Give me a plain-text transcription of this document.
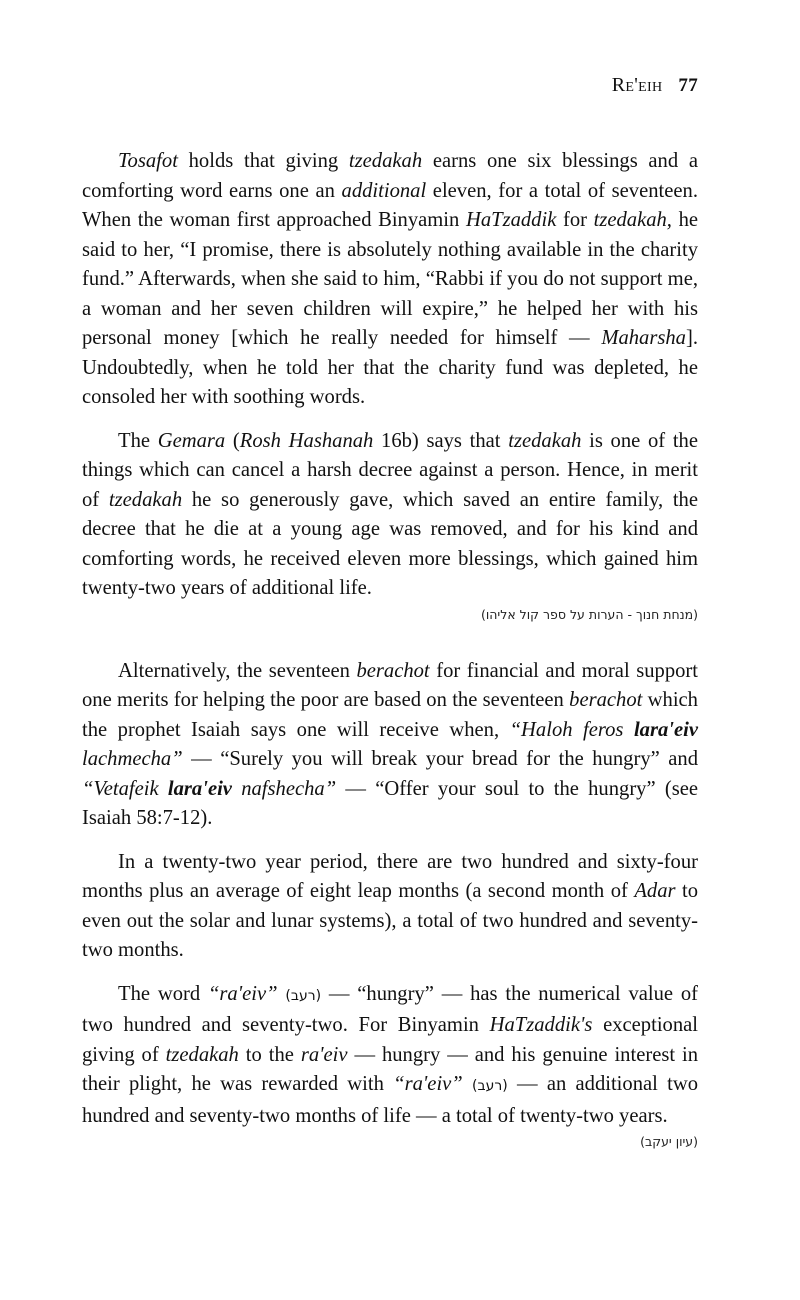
Re'eih 77

Tosafot holds that giving tzedakah earns one six blessings and a comforting word earns one an additional eleven, for a total of seventeen. When the woman first approached Binyamin HaTzaddik for tzedakah, he said to her, “I promise, there is absolutely nothing available in the charity fund.” Afterwards, when she said to him, “Rabbi if you do not support me, a woman and her seven children will expire,” he helped her with his personal money [which he really needed for himself — Maharsha]. Undoubtedly, when he told her that the charity fund was depleted, he consoled her with soothing words.

The Gemara (Rosh Hashanah 16b) says that tzedakah is one of the things which can cancel a harsh decree against a person. Hence, in merit of tzedakah he so generously gave, which saved an entire family, the decree that he die at a young age was removed, and for his kind and comforting words, he received eleven more blessings, which gained him twenty-two years of additional life.

(מנחת חנוך - הערות על ספר קול אליהו)

Alternatively, the seventeen berachot for financial and moral support one merits for helping the poor are based on the seventeen berachot which the prophet Isaiah says one will receive when, “Haloh feros lara'eiv lachmecha” — “Surely you will break your bread for the hungry” and “Vetafeik lara'eiv nafshecha” — “Offer your soul to the hungry” (see Isaiah 58:7-12).

In a twenty-two year period, there are two hundred and sixty-four months plus an average of eight leap months (a second month of Adar to even out the solar and lunar systems), a total of two hundred and seventy-two months.

The word “ra'eiv” (רעב) — “hungry” — has the numerical value of two hundred and seventy-two. For Binyamin HaTzaddik's exceptional giving of tzedakah to the ra'eiv — hungry — and his genuine interest in their plight, he was rewarded with “ra'eiv” (רעב) — an additional two hundred and seventy-two months of life — a total of twenty-two years.

(עיון יעקב)
